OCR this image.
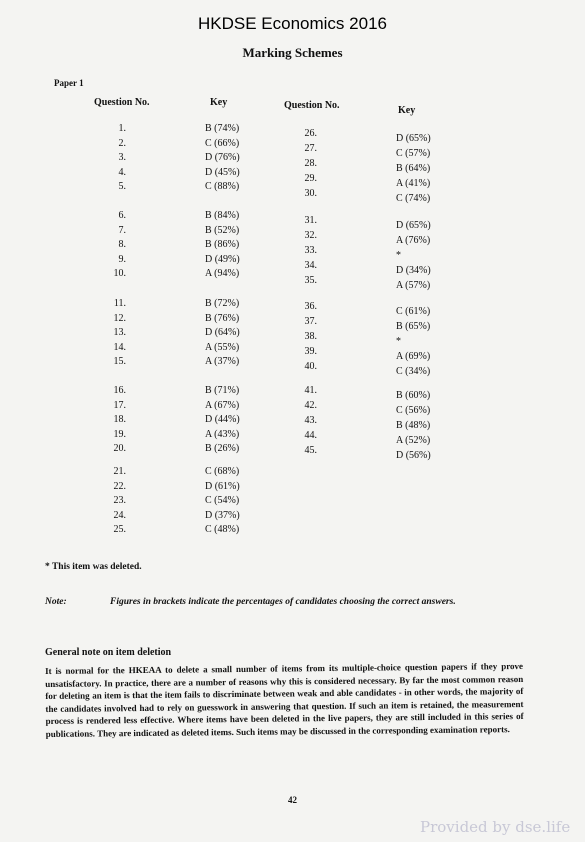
HKDSE Economics 2016
Marking Schemes
Paper 1
Question No.	Key	Question No.	Key
1.	B (74%)
2.	C (66%)
3.	D (76%)
4.	D (45%)
5.	C (88%)
6.	B (84%)
7.	B (52%)
8.	B (86%)
9.	D (49%)
10.	A (94%)
11.	B (72%)
12.	B (76%)
13.	D (64%)
14.	A (55%)
15.	A (37%)
16.	B (71%)
17.	A (67%)
18.	D (44%)
19.	A (43%)
20.	B (26%)
21.	C (68%)
22.	D (61%)
23.	C (54%)
24.	D (37%)
25.	C (48%)
26.	D (65%)
27.	C (57%)
28.	B (64%)
29.	A (41%)
30.	C (74%)
31.	D (65%)
32.	A (76%)
33.	*
34.	D (34%)
35.	A (57%)
36.	C (61%)
37.	B (65%)
38.	*
39.	A (69%)
40.	C (34%)
41.	B (60%)
42.	C (56%)
43.	B (48%)
44.	A (52%)
45.	D (56%)
* This item was deleted.
Note:	Figures in brackets indicate the percentages of candidates choosing the correct answers.
General note on item deletion
It is normal for the HKEAA to delete a small number of items from its multiple-choice question papers if they prove unsatisfactory. In practice, there are a number of reasons why this is considered necessary. By far the most common reason for deleting an item is that the item fails to discriminate between weak and able candidates - in other words, the majority of the candidates involved had to rely on guesswork in answering that question. If such an item is retained, the measurement process is rendered less effective. Where items have been deleted in the live papers, they are still included in this series of publications. They are indicated as deleted items. Such items may be discussed in the corresponding examination reports.
42
Provided by dse.life
